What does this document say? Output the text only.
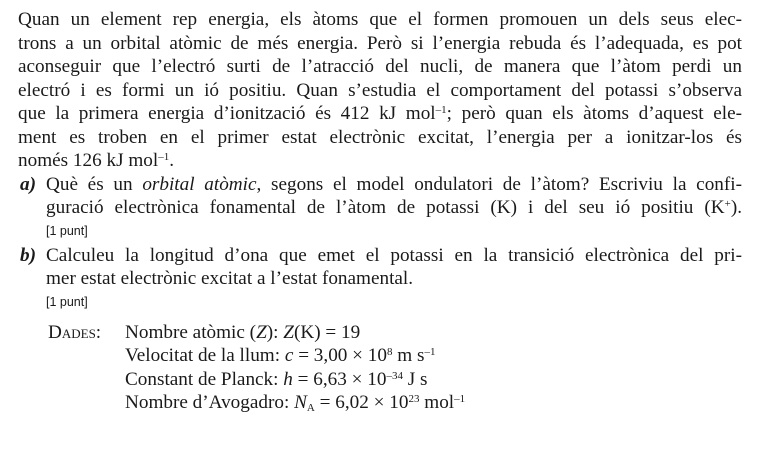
Quan un element rep energia, els àtoms que el formen promouen un dels seus elec-
trons a un orbital atòmic de més energia. Però si l’energia rebuda és l’adequada, es pot
aconseguir que l’electró surti de l’atracció del nucli, de manera que l’àtom perdi un
electró i es formi un ió positiu. Quan s’estudia el comportament del potassi s’observa
que la primera energia d’ionització és 412 kJ mol$^{-1}$; però quan els àtoms d’aquest ele-
ment es troben en el primer estat electrònic excitat, l’energia per a ionitzar-los és
només 126 kJ mol$^{-1}$.
a) Què és un orbital atòmic, segons el model ondulatori de l’àtom? Escriviu la confi-
guració electrònica fonamental de l’àtom de potassi (K) i del seu ió positiu (K+).
[1 punt]
b) Calculeu la longitud d’ona que emet el potassi en la transició electrònica del pri-
mer estat electrònic excitat a l’estat fonamental.
[1 punt]
Dades: Nombre atòmic (Z): Z(K) = 19
Velocitat de la llum: $c = 3,00 \times 10^8$ m $s^{-1}$
Constant de Planck: $h = 6,63 \times 10^{-34}$ J s
Nombre d’Avogadro: $N_A = 6,02 \times 10^{23}$ mol$^{-1}$
